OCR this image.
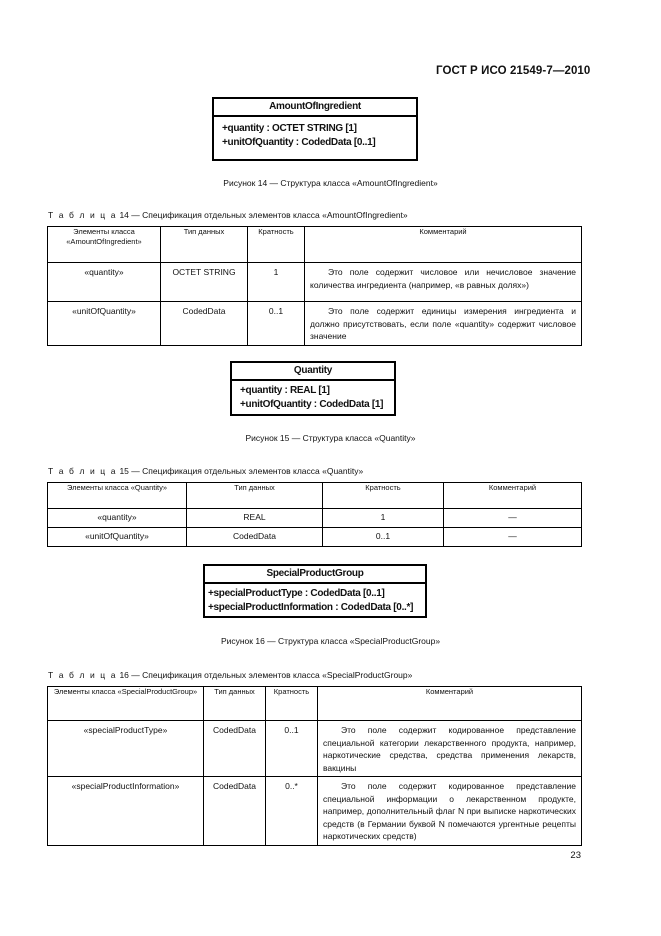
ГОСТ Р ИСО 21549-7—2010
AmountOfIngredient
+quantity : OCTET STRING [1]
+unitOfQuantity : CodedData [0..1]
Рисунок 14 — Структура класса «AmountOfIngredient»
Т а б л и ц а 14 — Спецификация отдельных элементов класса «AmountOfIngredient»
Элементы класса «AmountOfIngredient»	Тип данных	Кратность	Комментарий
«quantity»	OCTET STRING	1	Это поле содержит числовое или нечисловое значение количества ингредиента (например, «в равных долях»)
«unitOfQuantity»	CodedData	0..1	Это поле содержит единицы измерения ингредиента и должно присутствовать, если поле «quantity» содержит числовое значение
Quantity
+quantity : REAL [1]
+unitOfQuantity : CodedData [1]
Рисунок 15 — Структура класса «Quantity»
Т а б л и ц а 15 — Спецификация отдельных элементов класса «Quantity»
Элементы класса «Quantity»	Тип данных	Кратность	Комментарий
«quantity»	REAL	1	—
«unitOfQuantity»	CodedData	0..1	—
SpecialProductGroup
+specialProductType : CodedData [0..1]
+specialProductInformation : CodedData [0..*]
Рисунок 16 — Структура класса «SpecialProductGroup»
Т а б л и ц а 16 — Спецификация отдельных элементов класса «SpecialProductGroup»
Элементы класса «SpecialProductGroup»	Тип данных	Кратность	Комментарий
«specialProductType»	CodedData	0..1	Это поле содержит кодированное представление специальной категории лекарственного продукта, например, наркотические средства, средства применения лекарств, вакцины
«specialProductInformation»	CodedData	0..*	Это поле содержит кодированное представление специальной информации о лекарственном продукте, например, дополнительный флаг N при выписке наркотических средств (в Германии буквой N помечаются ургентные рецепты наркотических средств)
23
